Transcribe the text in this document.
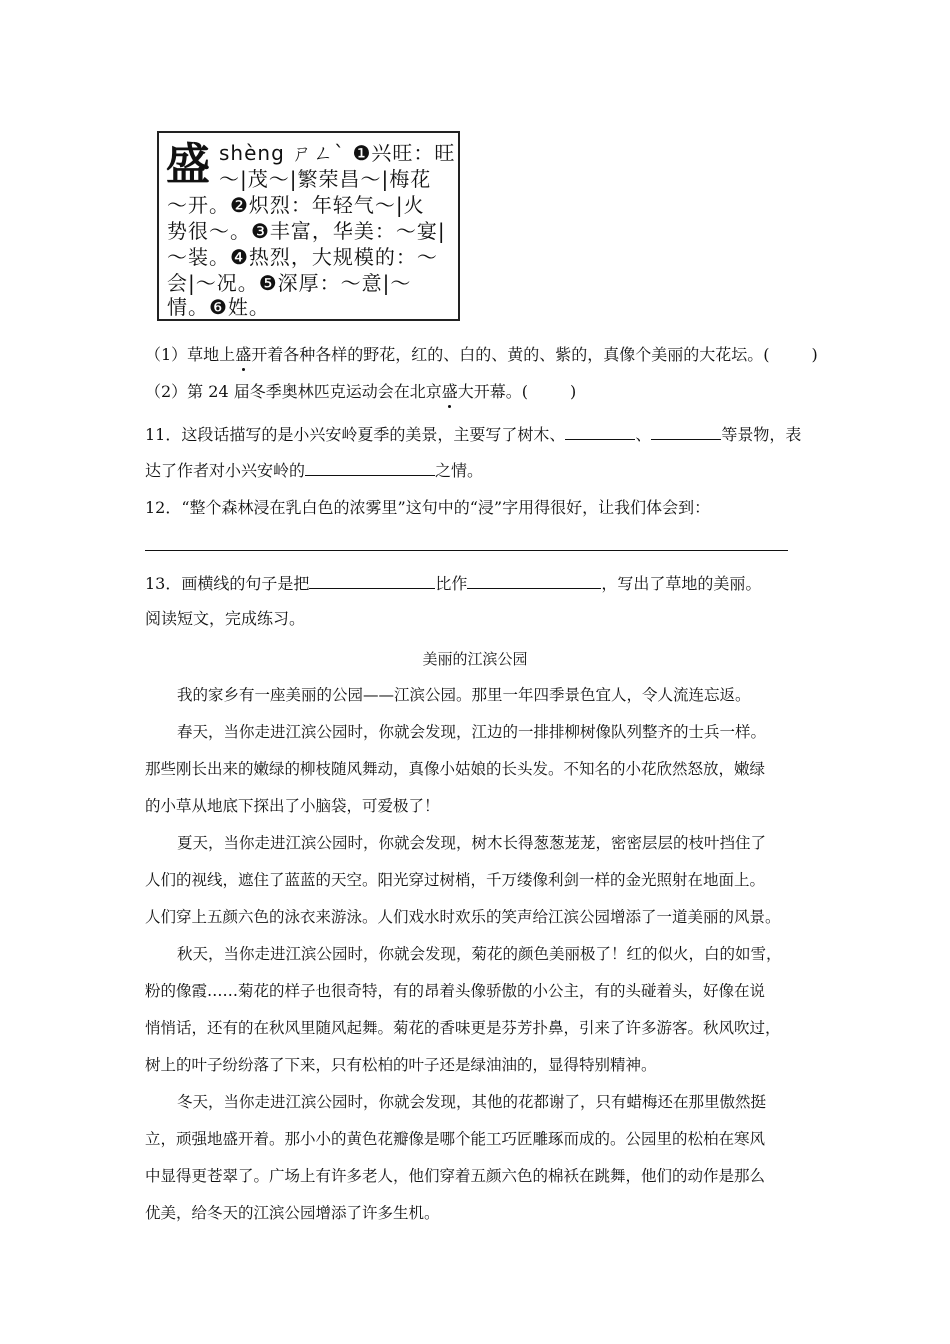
盛 shèng ㄕㄥˋ ❶兴旺：旺
～|茂～|繁荣昌～|梅花
～开。❷炽烈：年轻气～|火
势很～。❸丰富，华美：～宴|
～装。❹热烈，大规模的：～
会|～况。❺深厚：～意|～
情。❻姓。
（1）草地上盛开着各种各样的野花，红的、白的、黄的、紫的，真像个美丽的大花坛。(	)
（2）第 24 届冬季奥林匹克运动会在北京盛大开幕。(	)
11．这段话描写的是小兴安岭夏季的美景，主要写了树木、	、	等景物，表
达了作者对小兴安岭的	之情。
12．“整个森林浸在乳白色的浓雾里”这句中的“浸”字用得很好，让我们体会到：
13．画横线的句子是把	比作	，写出了草地的美丽。
阅读短文，完成练习。
美丽的江滨公园
我的家乡有一座美丽的公园——江滨公园。那里一年四季景色宜人，令人流连忘返。
春天，当你走进江滨公园时，你就会发现，江边的一排排柳树像队列整齐的士兵一样。
那些刚长出来的嫩绿的柳枝随风舞动，真像小姑娘的长头发。不知名的小花欣然怒放，嫩绿
的小草从地底下探出了小脑袋，可爱极了！
夏天，当你走进江滨公园时，你就会发现，树木长得葱葱茏茏，密密层层的枝叶挡住了
人们的视线，遮住了蓝蓝的天空。阳光穿过树梢，千万缕像利剑一样的金光照射在地面上。
人们穿上五颜六色的泳衣来游泳。人们戏水时欢乐的笑声给江滨公园增添了一道美丽的风景。
秋天，当你走进江滨公园时，你就会发现，菊花的颜色美丽极了！红的似火，白的如雪，
粉的像霞……菊花的样子也很奇特，有的昂着头像骄傲的小公主，有的头碰着头，好像在说
悄悄话，还有的在秋风里随风起舞。菊花的香味更是芬芳扑鼻，引来了许多游客。秋风吹过，
树上的叶子纷纷落了下来，只有松柏的叶子还是绿油油的，显得特别精神。
冬天，当你走进江滨公园时，你就会发现，其他的花都谢了，只有蜡梅还在那里傲然挺
立，顽强地盛开着。那小小的黄色花瓣像是哪个能工巧匠雕琢而成的。公园里的松柏在寒风
中显得更苍翠了。广场上有许多老人，他们穿着五颜六色的棉袄在跳舞，他们的动作是那么
优美，给冬天的江滨公园增添了许多生机。
